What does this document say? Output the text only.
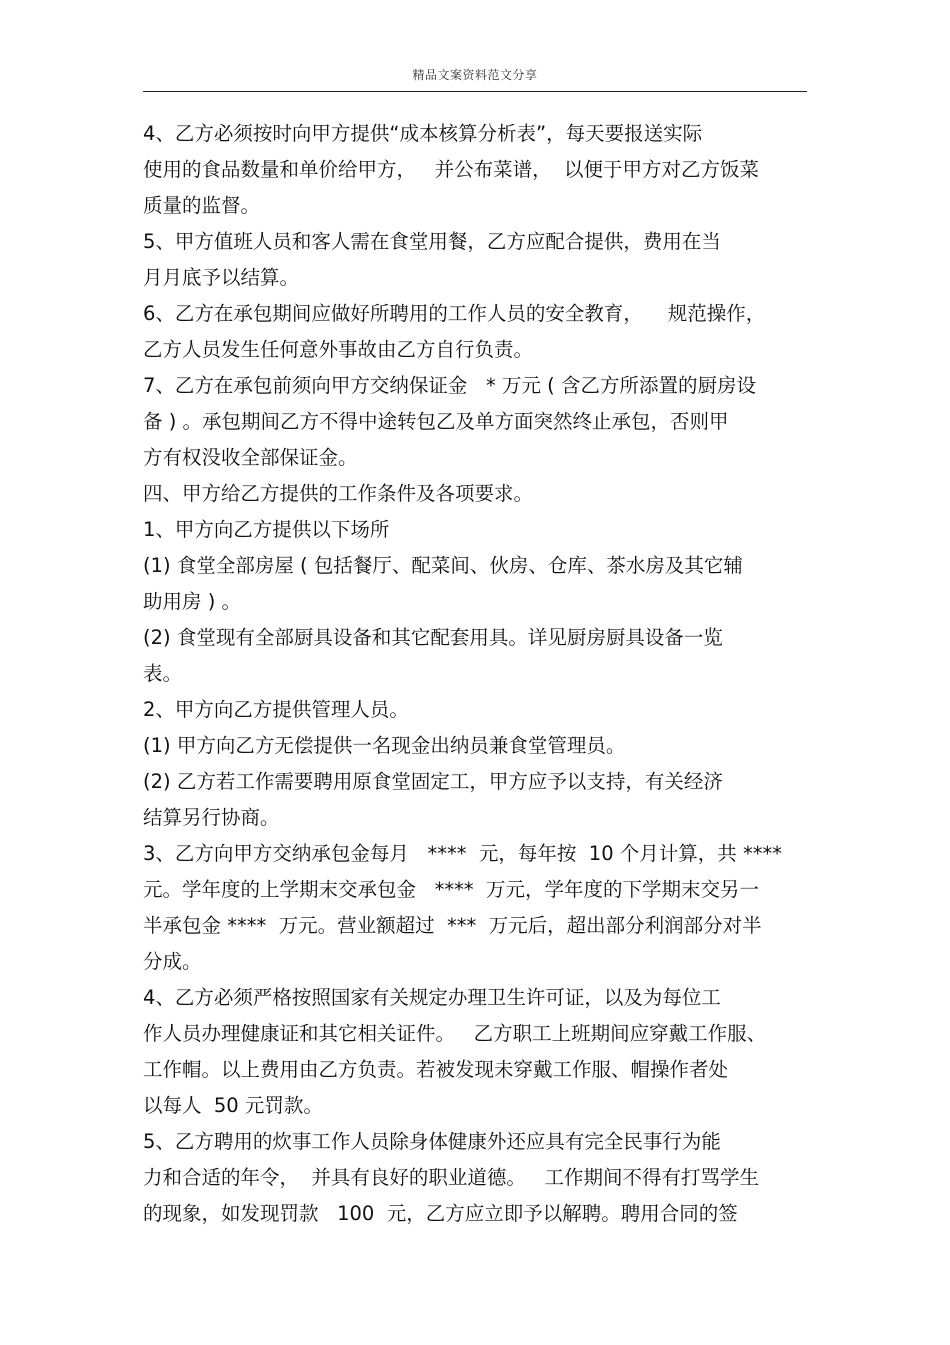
精品文案资料范文分享
4、乙方必须按时向甲方提供“成本核算分析表”，每天要报送实际
使用的食品数量和单价给甲方，   并公布菜谱，  以便于甲方对乙方饭菜
质量的监督。
5、甲方值班人员和客人需在食堂用餐，乙方应配合提供，费用在当
月月底予以结算。
6、乙方在承包期间应做好所聘用的工作人员的安全教育，    规范操作，
乙方人员发生任何意外事故由乙方自行负责。
7、乙方在承包前须向甲方交纳保证金   * 万元 ( 含乙方所添置的厨房设
备 ) 。承包期间乙方不得中途转包乙及单方面突然终止承包，否则甲
方有权没收全部保证金。
四、甲方给乙方提供的工作条件及各项要求。
1、甲方向乙方提供以下场所
(1) 食堂全部房屋 ( 包括餐厅、配菜间、伙房、仓库、茶水房及其它辅
助用房 ) 。
(2) 食堂现有全部厨具设备和其它配套用具。详见厨房厨具设备一览
表。
2、甲方向乙方提供管理人员。
(1) 甲方向乙方无偿提供一名现金出纳员兼食堂管理员。
(2) 乙方若工作需要聘用原食堂固定工，甲方应予以支持，有关经济
结算另行协商。
3、乙方向甲方交纳承包金每月   ****  元，每年按  10 个月计算，共 ****
元。学年度的上学期末交承包金   ****  万元，学年度的下学期末交另一
半承包金 ****  万元。营业额超过  ***  万元后，超出部分利润部分对半
分成。
4、乙方必须严格按照国家有关规定办理卫生许可证，以及为每位工
作人员办理健康证和其它相关证件。   乙方职工上班期间应穿戴工作服、
工作帽。以上费用由乙方负责。若被发现未穿戴工作服、帽操作者处
以每人  50 元罚款。
5、乙方聘用的炊事工作人员除身体健康外还应具有完全民事行为能
力和合适的年令，  并具有良好的职业道德。   工作期间不得有打骂学生
的现象，如发现罚款   100  元，乙方应立即予以解聘。聘用合同的签
